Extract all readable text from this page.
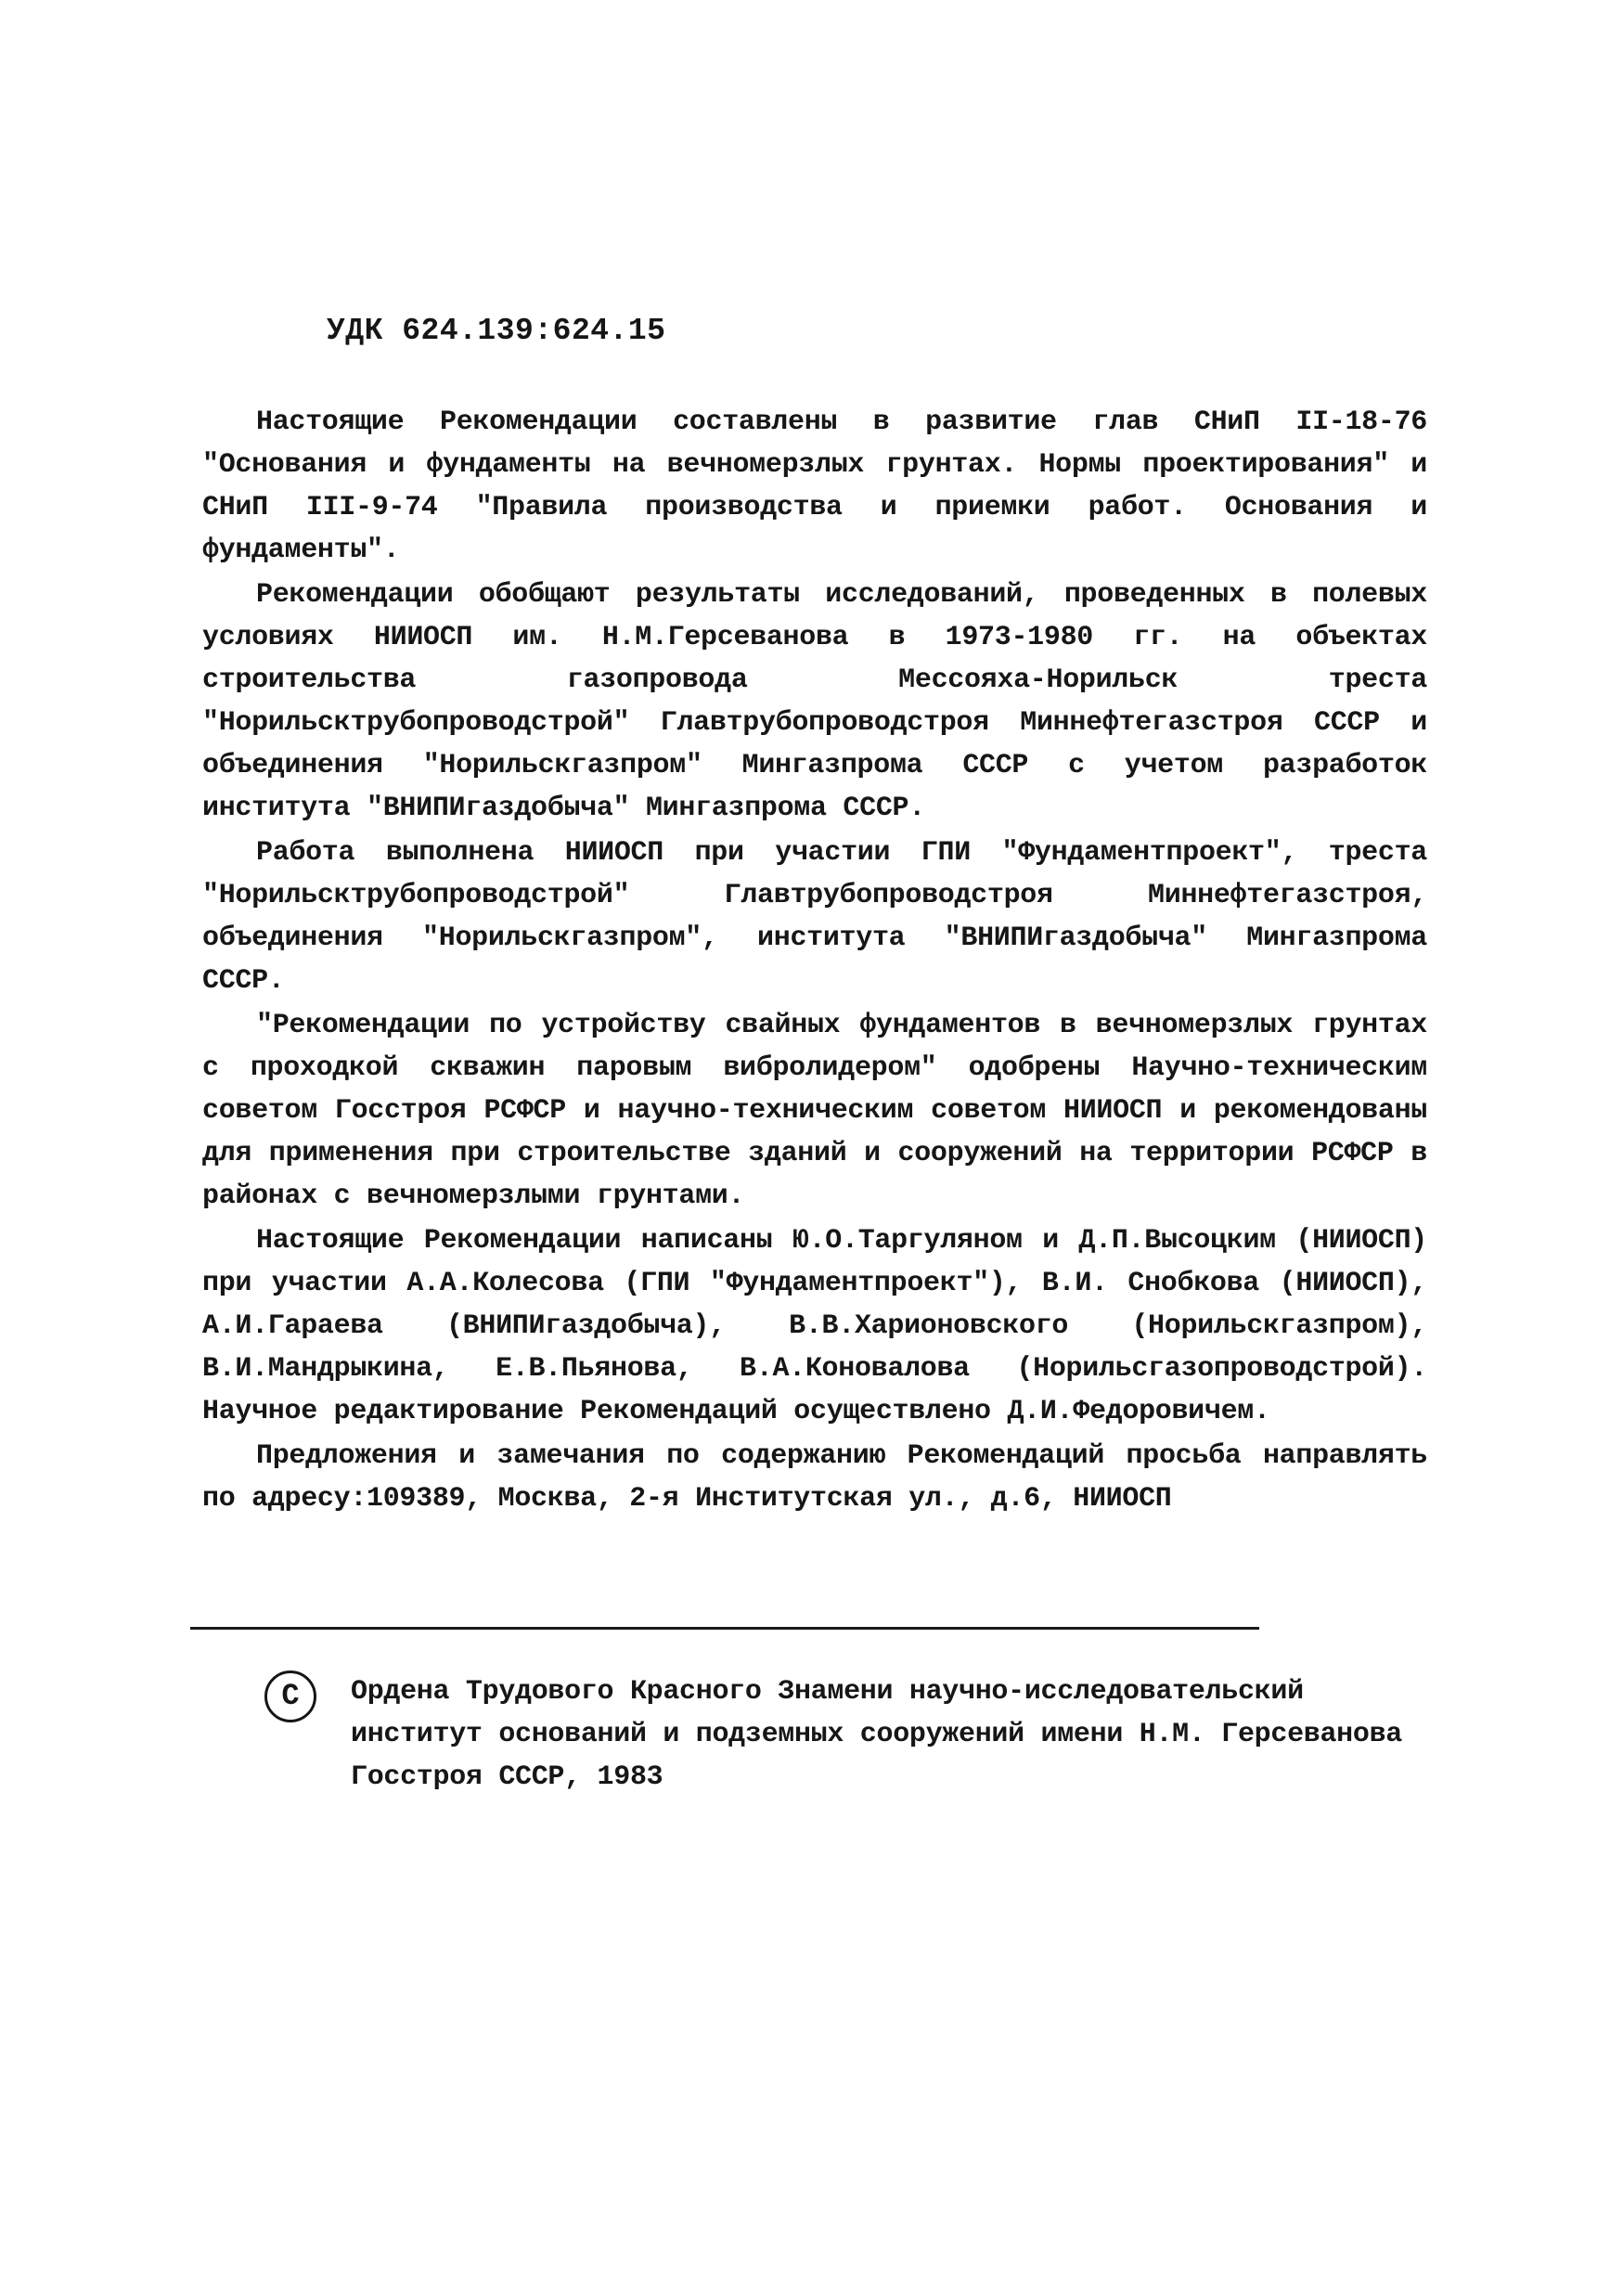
УДК 624.139:624.15

Настоящие Рекомендации составлены в развитие глав СНиП II-18-76 "Основания и фундаменты на вечномерзлых грунтах. Нормы проектирования" и СНиП III-9-74 "Правила производства и приемки работ. Основания и фундаменты".

Рекомендации обобщают результаты исследований, проведенных в полевых условиях НИИОСП им. Н.М.Герсеванова в 1973-1980 гг. на объектах строительства газопровода Мессояха-Норильск треста "Норильсктрубопроводстрой" Главтрубопроводстроя Миннефтегазстроя СССР и объединения "Норильскгазпром" Мингазпрома СССР с учетом разработок института "ВНИПИгаздобыча" Мингазпрома СССР.

Работа выполнена НИИОСП при участии ГПИ "Фундаментпроект", треста "Норильсктрубопроводстрой" Главтрубопроводстроя Миннефтегазстроя, объединения "Норильскгазпром", института "ВНИПИгаздобыча" Мингазпрома СССР.

"Рекомендации по устройству свайных фундаментов в вечномерзлых грунтах с проходкой скважин паровым вибролидером" одобрены Научно-техническим советом Госстроя РСФСР и научно-техническим советом НИИОСП и рекомендованы для применения при строительстве зданий и сооружений на территории РСФСР в районах с вечномерзлыми грунтами.

Настоящие Рекомендации написаны Ю.О.Таргуляном и Д.П.Высоцким (НИИОСП) при участии А.А.Колесова (ГПИ "Фундаментпроект"), В.И. Снобкова (НИИОСП), А.И.Гараева (ВНИПИгаздобыча), В.В.Харионовского (Норильскгазпром), В.И.Мандрыкина, Е.В.Пьянова, В.А.Коновалова (Норильсгазопроводстрой). Научное редактирование Рекомендаций осуществлено Д.И.Федоровичем.

Предложения и замечания по содержанию Рекомендаций просьба направлять по адресу:109389, Москва, 2-я Институтская ул., д.6, НИИОСП

С	Ордена Трудового Красного Знамени научно-исследовательский институт оснований и подземных сооружений имени Н.М. Герсеванова Госстроя СССР, 1983
